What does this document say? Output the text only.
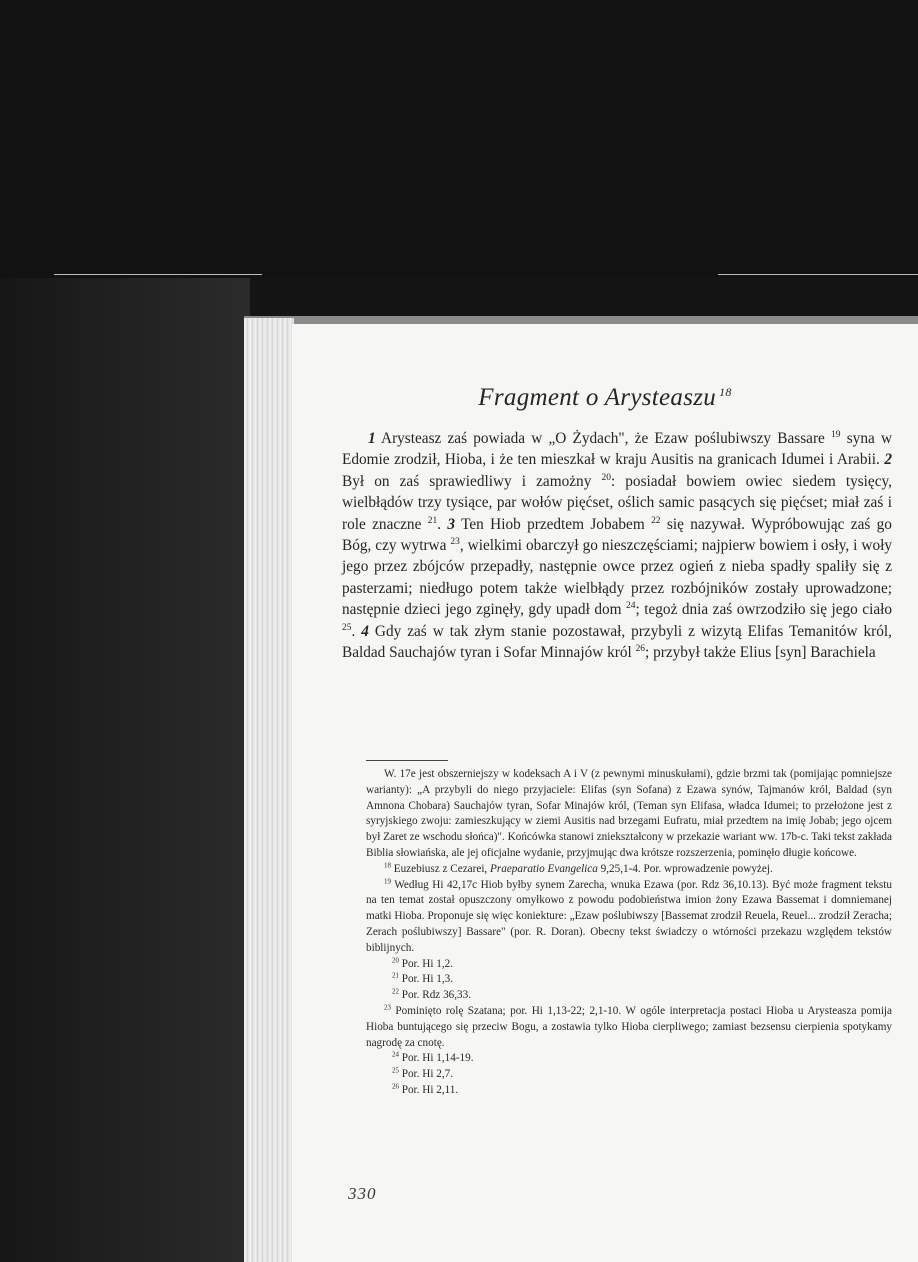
Fragment o Arysteaszu $^{18}$

1 Arysteasz zaś powiada w „O Żydach", że Ezaw poślubiwszy Bassare $^{19}$ syna w Edomie zrodził, Hioba, i że ten mieszkał w kraju Ausitis na granicach Idumei i Arabii. 2 Był on zaś sprawiedliwy i zamożny $^{20}$: posiadał bowiem owiec siedem tysięcy, wielbłądów trzy tysiące, par wołów pięćset, oślich samic pasących się pięćset; miał zaś i role znaczne $^{21}$. 3 Ten Hiob przedtem Jobabem $^{22}$ się nazywał. Wypróbowując zaś go Bóg, czy wytrwa $^{23}$, wielkimi obarczył go nieszczęściami; najpierw bowiem i osły, i woły jego przez zbójców przepadły, następnie owce przez ogień z nieba spadły spaliły się z pasterzami; niedługo potem także wielbłądy przez rozbójników zostały uprowadzone; następnie dzieci jego zginęły, gdy upadł dom $^{24}$; tegoż dnia zaś owrzodziło się jego ciało $^{25}$. 4 Gdy zaś w tak złym stanie pozostawał, przybyli z wizytą Elifas Temanitów król, Baldad Sauchajów tyran i Sofar Minnajów król $^{26}$; przybył także Elius [syn] Barachiela

W. 17e jest obszerniejszy w kodeksach A i V (z pewnymi minuskułami), gdzie brzmi tak (pomijając pomniejsze warianty): „A przybyli do niego przyjaciele: Elifas (syn Sofana) z Ezawa synów, Tajmanów król, Baldad (syn Amnona Chobara) Sauchajów tyran, Sofar Minajów król, (Teman syn Elifasa, władca Idumei; to przełożone jest z syryjskiego zwoju: zamieszkujący w ziemi Ausitis nad brzegami Eufratu, miał przedtem na imię Jobab; jego ojcem był Zaret ze wschodu słońca)". Końcówka stanowi zniekształcony w przekazie wariant ww. 17b-c. Taki tekst zakłada Biblia słowiańska, ale jej oficjalne wydanie, przyjmując dwa krótsze rozszerzenia, pominęło długie końcowe.

$^{18}$ Euzebiusz z Cezarei, Praeparatio Evangelica 9,25,1-4. Por. wprowadzenie powyżej.

$^{19}$ Według Hi 42,17c Hiob byłby synem Zarecha, wnuka Ezawa (por. Rdz 36,10.13). Być może fragment tekstu na ten temat został opuszczony omyłkowo z powodu podobieństwa imion żony Ezawa Bassemat i domniemanej matki Hioba. Proponuje się więc koniekture: „Ezaw poślubiwszy [Bassemat zrodził Reuela, Reuel... zrodził Zeracha; Zerach poślubiwszy] Bassare" (por. R. Doran). Obecny tekst świadczy o wtórności przekazu względem tekstów biblijnych.

$^{20}$ Por. Hi 1,2.

$^{21}$ Por. Hi 1,3.

$^{22}$ Por. Rdz 36,33.

$^{23}$ Pominięto rolę Szatana; por. Hi 1,13-22; 2,1-10. W ogóle interpretacja postaci Hioba u Arysteasza pomija Hioba buntującego się przeciw Bogu, a zostawia tylko Hioba cierpliwego; zamiast bezsensu cierpienia spotykamy nagrodę za cnotę.

$^{24}$ Por. Hi 1,14-19.

$^{25}$ Por. Hi 2,7.

$^{26}$ Por. Hi 2,11.

330
